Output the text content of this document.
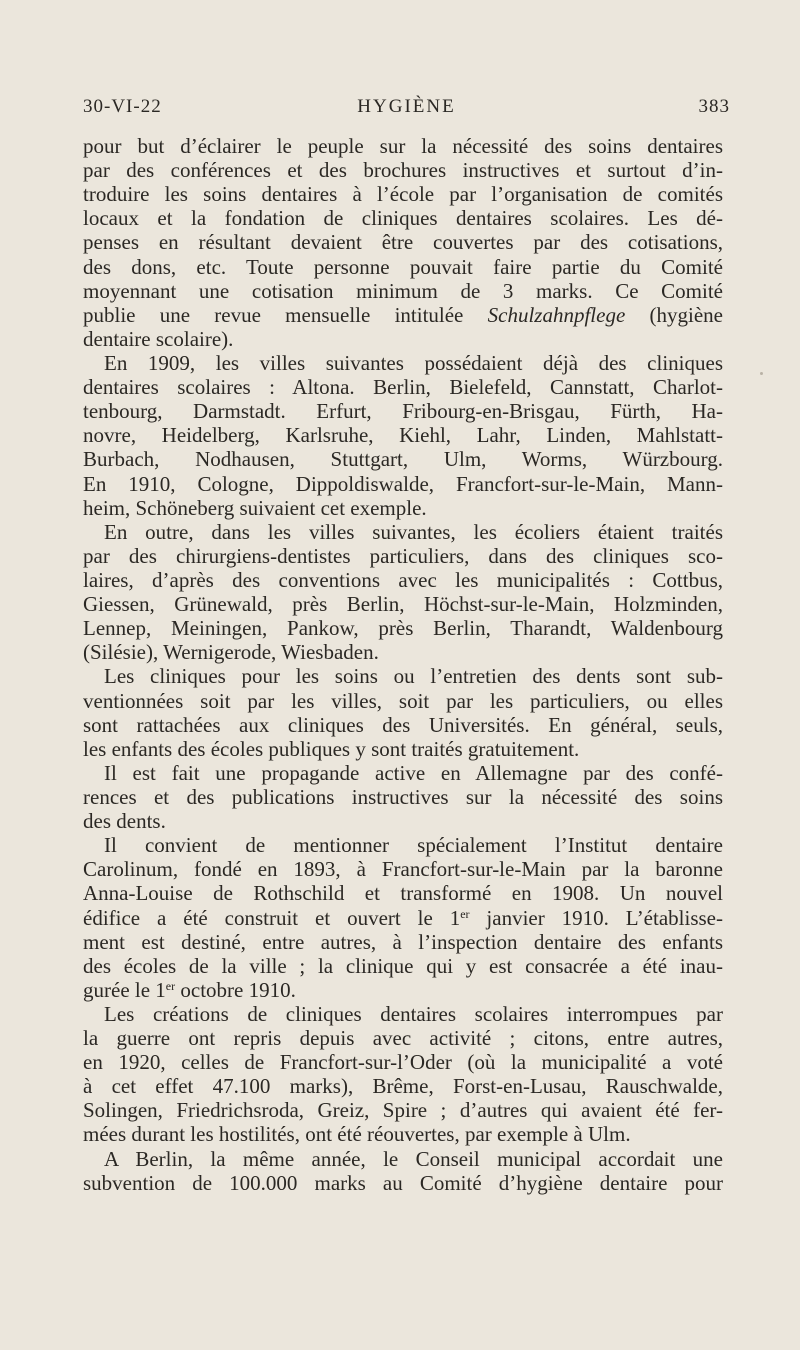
30-VI-22	HYGIÈNE	383
pour but d’éclairer le peuple sur la nécessité des soins dentaires
par des conférences et des brochures instructives et surtout d’in-
troduire les soins dentaires à l’école par l’organisation de comités
locaux et la fondation de cliniques dentaires scolaires. Les dé-
penses en résultant devaient être couvertes par des cotisations,
des dons, etc. Toute personne pouvait faire partie du Comité
moyennant une cotisation minimum de 3 marks. Ce Comité
publie une revue mensuelle intitulée Schulzahnpflege (hygiène
dentaire scolaire).
En 1909, les villes suivantes possédaient déjà des cliniques
dentaires scolaires : Altona. Berlin, Bielefeld, Cannstatt, Charlot-
tenbourg, Darmstadt. Erfurt, Fribourg-en-Brisgau, Fürth, Ha-
novre, Heidelberg, Karlsruhe, Kiehl, Lahr, Linden, Mahlstatt-
Burbach, Nodhausen, Stuttgart, Ulm, Worms, Würzbourg.
En 1910, Cologne, Dippoldiswalde, Francfort-sur-le-Main, Mann-
heim, Schöneberg suivaient cet exemple.
En outre, dans les villes suivantes, les écoliers étaient traités
par des chirurgiens-dentistes particuliers, dans des cliniques sco-
laires, d’après des conventions avec les municipalités : Cottbus,
Giessen, Grünewald, près Berlin, Höchst-sur-le-Main, Holzminden,
Lennep, Meiningen, Pankow, près Berlin, Tharandt, Waldenbourg
(Silésie), Wernigerode, Wiesbaden.
Les cliniques pour les soins ou l’entretien des dents sont sub-
ventionnées soit par les villes, soit par les particuliers, ou elles
sont rattachées aux cliniques des Universités. En général, seuls,
les enfants des écoles publiques y sont traités gratuitement.
Il est fait une propagande active en Allemagne par des confé-
rences et des publications instructives sur la nécessité des soins
des dents.
Il convient de mentionner spécialement l’Institut dentaire
Carolinum, fondé en 1893, à Francfort-sur-le-Main par la baronne
Anna-Louise de Rothschild et transformé en 1908. Un nouvel
édifice a été construit et ouvert le 1er janvier 1910. L’établisse-
ment est destiné, entre autres, à l’inspection dentaire des enfants
des écoles de la ville ; la clinique qui y est consacrée a été inau-
gurée le 1er octobre 1910.
Les créations de cliniques dentaires scolaires interrompues par
la guerre ont repris depuis avec activité ; citons, entre autres,
en 1920, celles de Francfort-sur-l’Oder (où la municipalité a voté
à cet effet 47.100 marks), Brême, Forst-en-Lusau, Rauschwalde,
Solingen, Friedrichsroda, Greiz, Spire ; d’autres qui avaient été fer-
mées durant les hostilités, ont été réouvertes, par exemple à Ulm.
A Berlin, la même année, le Conseil municipal accordait une
subvention de 100.000 marks au Comité d’hygiène dentaire pour
